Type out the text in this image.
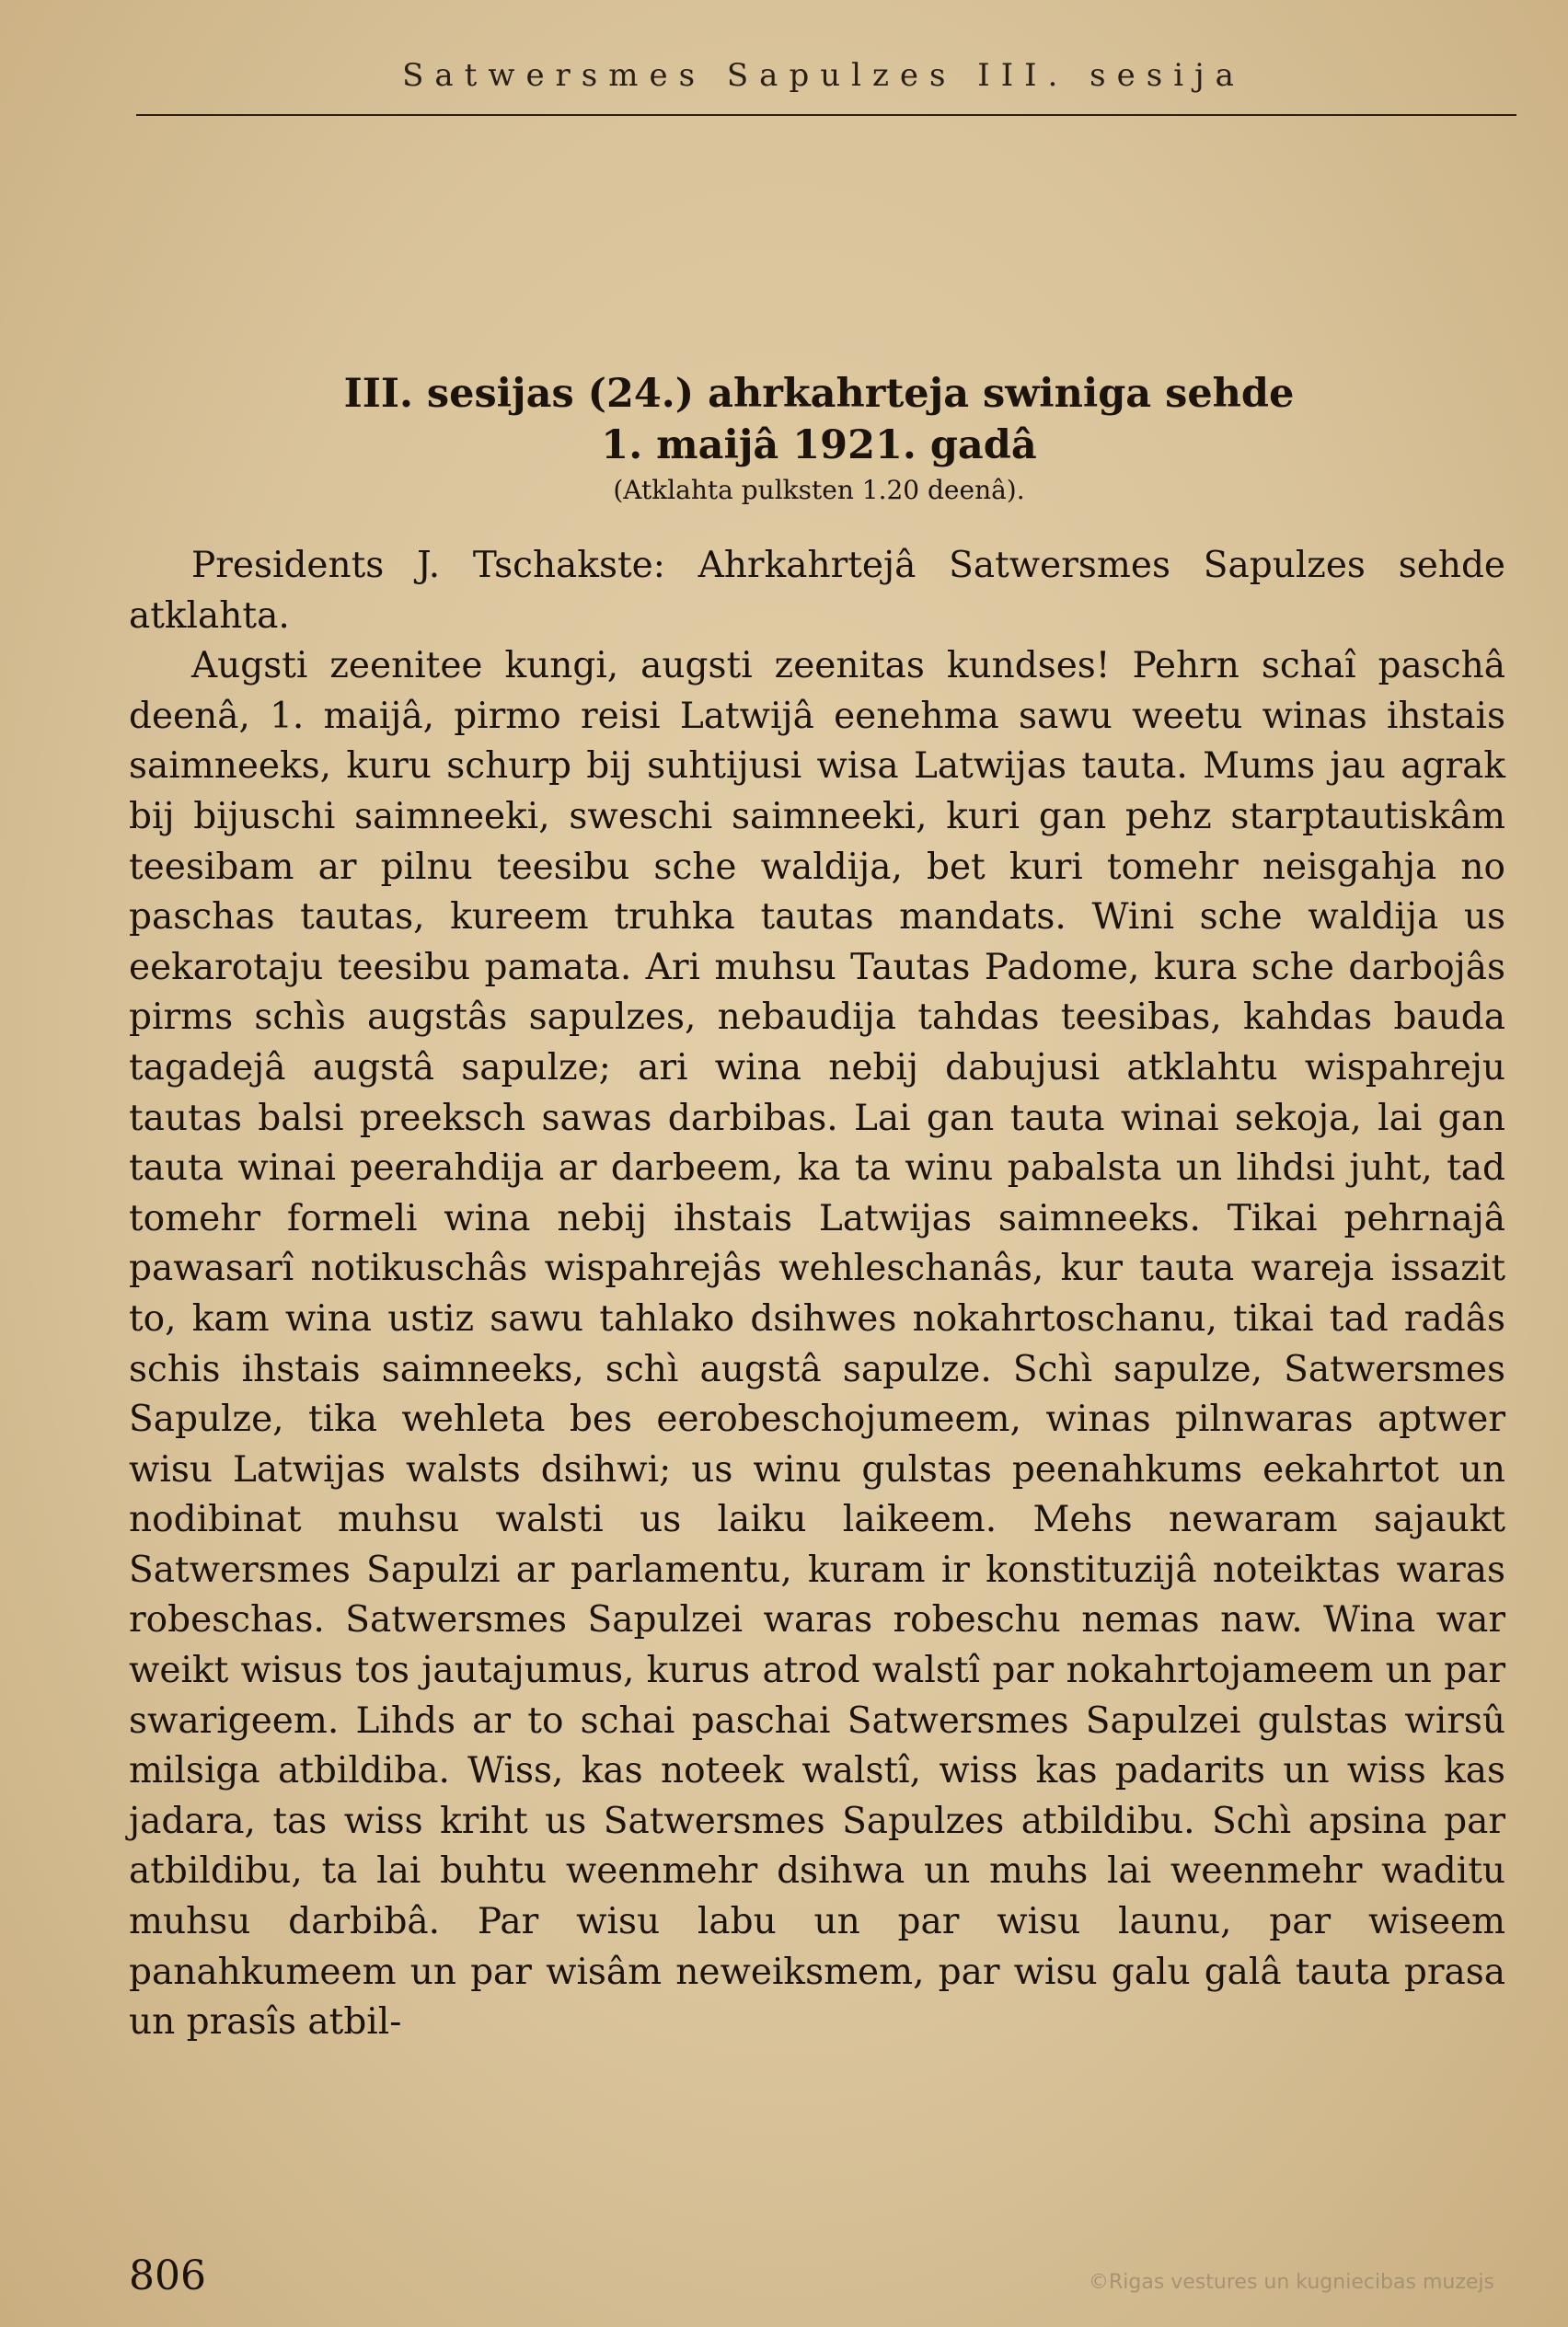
Satwersmes Sapulzes III. sesija
III. sesijas (24.) ahrkahrteja swiniga sehde
1. maijâ 1921. gadâ
(Atklahta pulksten 1.20 deenâ).

Presidents J. Tschakste: Ahrkahrtejâ Satwersmes Sapulzes sehde atklahta.

Augsti zeenitee kungi, augsti zeenitas kundses! Pehrn schaî paschâ deenâ, 1. maijâ, pirmo reisi Latwijâ eenehma sawu weetu winas ihstais saimneeks, kuru schurp bij suhtijusi wisa Latwijas tauta. Mums jau agrak bij bijuschi saimneeki, sweschi saimneeki, kuri gan pehz starptautiskâm teesibam ar pilnu teesibu sche waldija, bet kuri tomehr neisgahja no paschas tautas, kureem truhka tautas mandats. Wini sche waldija us eekarotaju teesibu pamata. Ari muhsu Tautas Padome, kura sche darbojâs pirms schìs augstâs sapulzes, nebaudija tahdas teesibas, kahdas bauda tagadejâ augstâ sapulze; ari wina nebij dabujusi atklahtu wispahreju tautas balsi preeksch sawas darbibas. Lai gan tauta winai sekoja, lai gan tauta winai peerahdija ar darbeem, ka ta winu pabalsta un lihdsi juht, tad tomehr formeli wina nebij ihstais Latwijas saimneeks. Tikai pehrnajâ pawasarî notikuschâs wispahrejâs wehleschanâs, kur tauta wareja issazit to, kam wina ustiz sawu tahlako dsihwes nokahrtoschanu, tikai tad radâs schis ihstais saimneeks, schì augstâ sapulze. Schì sapulze, Satwersmes Sapulze, tika wehleta bes eerobeschojumeem, winas pilnwaras aptwer wisu Latwijas walsts dsihwi; us winu gulstas peenahkums eekahrtot un nodibinat muhsu walsti us laiku laikeem. Mehs newaram sajaukt Satwersmes Sapulzi ar parlamentu, kuram ir konstituzijâ noteiktas waras robeschas. Satwersmes Sapulzei waras robeschu nemas naw. Wina war weikt wisus tos jautajumus, kurus atrod walstî par nokahrtojameem un par swarigeem. Lihds ar to schai paschai Satwersmes Sapulzei gulstas wirsû milsiga atbildiba. Wiss, kas noteek walstî, wiss kas padarits un wiss kas jadara, tas wiss kriht us Satwersmes Sapulzes atbildibu. Schì apsina par atbildibu, ta lai buhtu weenmehr dsihwa un muhs lai weenmehr waditu muhsu darbibâ. Par wisu labu un par wisu launu, par wiseem panahkumeem un par wisâm neweiksmem, par wisu galu galâ tauta prasa un prasîs atbil-

806	©Rigas vestures un kugniecibas muzejs
